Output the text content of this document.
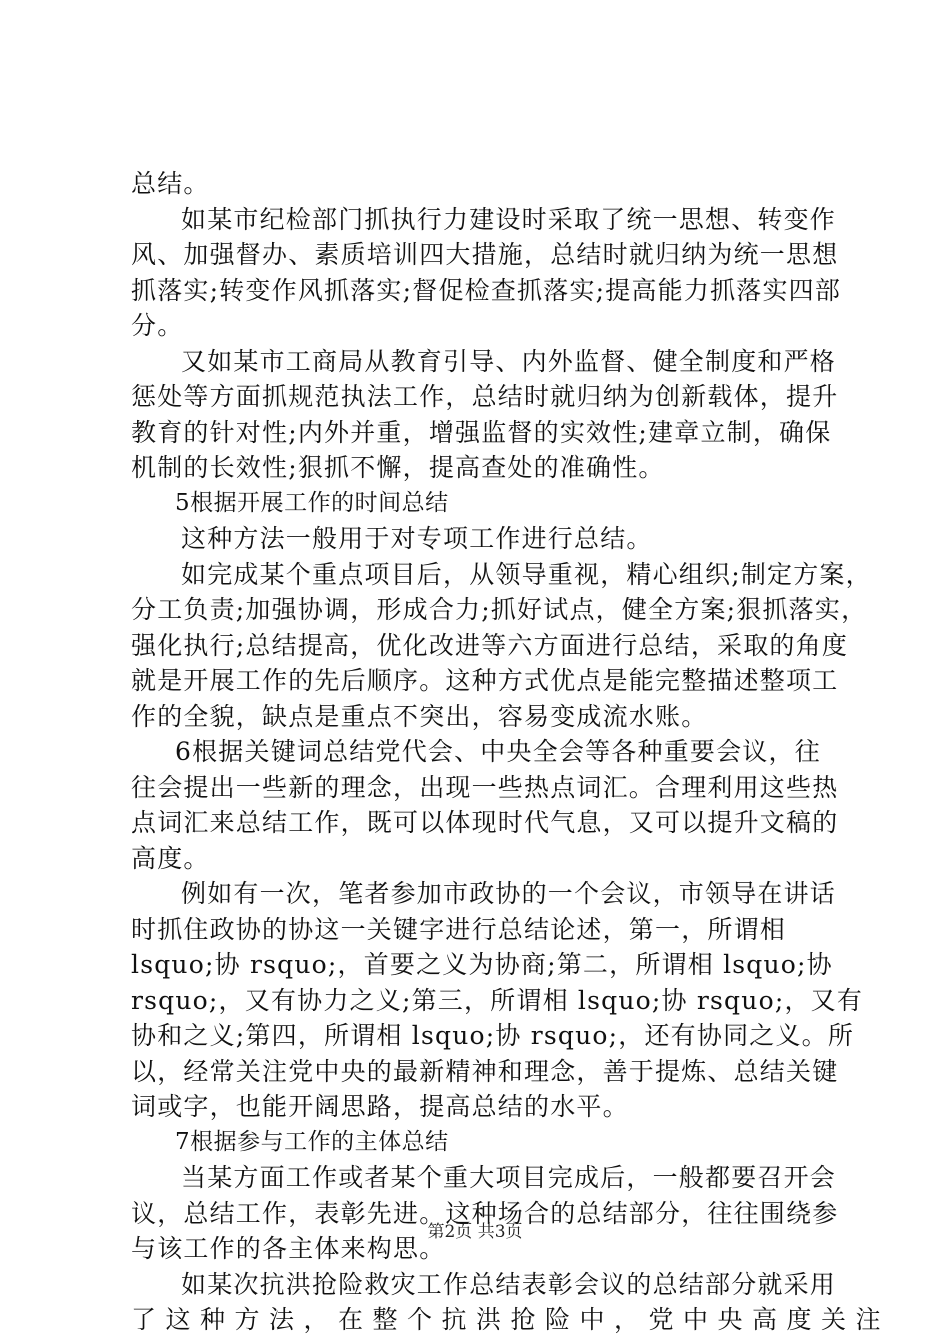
总结。
如某市纪检部门抓执行力建设时采取了统一思想、转变作
风、加强督办、素质培训四大措施，总结时就归纳为统一思想
抓落实;转变作风抓落实;督促检查抓落实;提高能力抓落实四部
分。
又如某市工商局从教育引导、内外监督、健全制度和严格
惩处等方面抓规范执法工作，总结时就归纳为创新载体，提升
教育的针对性;内外并重，增强监督的实效性;建章立制，确保
机制的长效性;狠抓不懈，提高查处的准确性。
5根据开展工作的时间总结
这种方法一般用于对专项工作进行总结。
如完成某个重点项目后，从领导重视，精心组织;制定方案，
分工负责;加强协调，形成合力;抓好试点，健全方案;狠抓落实，
强化执行;总结提高，优化改进等六方面进行总结，采取的角度
就是开展工作的先后顺序。这种方式优点是能完整描述整项工
作的全貌，缺点是重点不突出，容易变成流水账。
6根据关键词总结党代会、中央全会等各种重要会议，往
往会提出一些新的理念，出现一些热点词汇。合理利用这些热
点词汇来总结工作，既可以体现时代气息，又可以提升文稿的
高度。
例如有一次，笔者参加市政协的一个会议，市领导在讲话
时抓住政协的协这一关键字进行总结论述，第一，所谓相
lsquo;协 rsquo;，首要之义为协商;第二，所谓相 lsquo;协
rsquo;，又有协力之义;第三，所谓相 lsquo;协 rsquo;，又有
协和之义;第四，所谓相 lsquo;协 rsquo;，还有协同之义。所
以，经常关注党中央的最新精神和理念，善于提炼、总结关键
词或字，也能开阔思路，提高总结的水平。
7根据参与工作的主体总结
当某方面工作或者某个重大项目完成后，一般都要召开会
议，总结工作，表彰先进。这种场合的总结部分，往往围绕参
与该工作的各主体来构思。
如某次抗洪抢险救灾工作总结表彰会议的总结部分就采用
了这种方法，在整个抗洪抢险中，党中央高度关注
第2页 共3页
